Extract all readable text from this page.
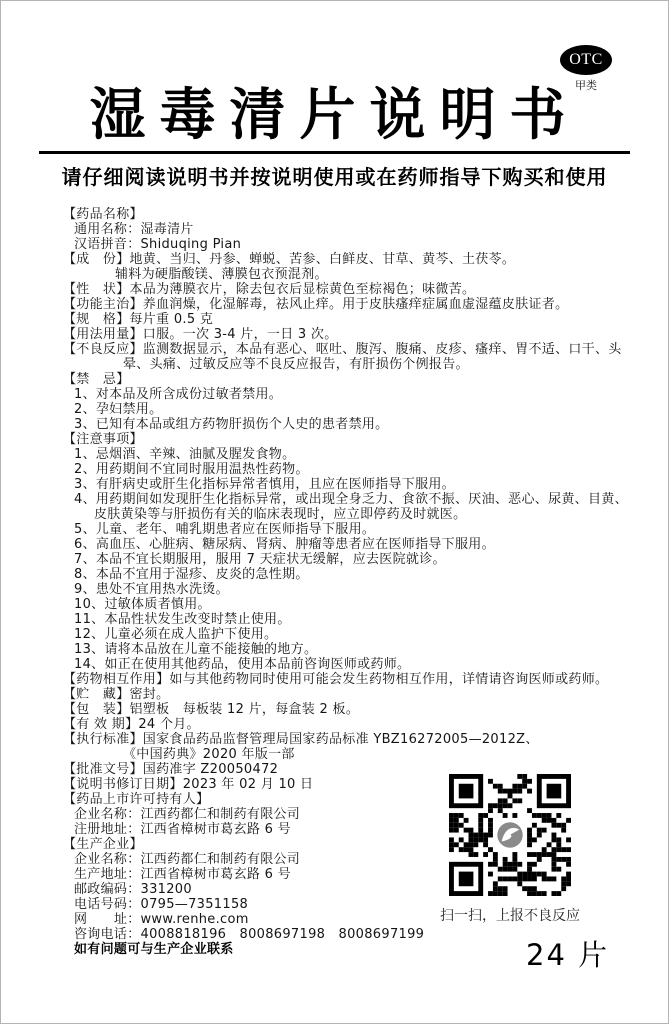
OTC
甲类
湿毒清片说明书
请仔细阅读说明书并按说明使用或在药师指导下购买和使用
【药品名称】
通用名称：湿毒清片
汉语拼音：Shiduqing Pian
【成　份】地黄、当归、丹参、蝉蜕、苦参、白鲜皮、甘草、黄芩、土茯苓。
辅料为硬脂酸镁、薄膜包衣预混剂。
【性　状】本品为薄膜衣片，除去包衣后显棕黄色至棕褐色；味微苦。
【功能主治】养血润燥，化湿解毒，祛风止痒。用于皮肤瘙痒症属血虚湿蕴皮肤证者。
【规　格】每片重 0.5 克
【用法用量】口服。一次 3-4 片，一日 3 次。
【不良反应】监测数据显示，本品有恶心、呕吐、腹泻、腹痛、皮疹、瘙痒、胃不适、口干、头
晕、头痛、过敏反应等不良反应报告，有肝损伤个例报告。
【禁　忌】
1、对本品及所含成份过敏者禁用。
2、孕妇禁用。
3、已知有本品或组方药物肝损伤个人史的患者禁用。
【注意事项】
1、忌烟酒、辛辣、油腻及腥发食物。
2、用药期间不宜同时服用温热性药物。
3、有肝病史或肝生化指标异常者慎用，且应在医师指导下服用。
4、用药期间如发现肝生化指标异常，或出现全身乏力、食欲不振、厌油、恶心、尿黄、目黄、
皮肤黄染等与肝损伤有关的临床表现时，应立即停药及时就医。
5、儿童、老年、哺乳期患者应在医师指导下服用。
6、高血压、心脏病、糖尿病、肾病、肿瘤等患者应在医师指导下服用。
7、本品不宜长期服用，服用 7 天症状无缓解，应去医院就诊。
8、本品不宜用于湿疹、皮炎的急性期。
9、患处不宜用热水洗烫。
10、过敏体质者慎用。
11、本品性状发生改变时禁止使用。
12、儿童必须在成人监护下使用。
13、请将本品放在儿童不能接触的地方。
14、如正在使用其他药品，使用本品前咨询医师或药师。
【药物相互作用】如与其他药物同时使用可能会发生药物相互作用，详情请咨询医师或药师。
【贮　藏】密封。
【包　装】铝塑板　每板装 12 片，每盒装 2 板。
【有 效 期】24 个月。
【执行标准】国家食品药品监督管理局国家药品标准 YBZ16272005—2012Z、
《中国药典》2020 年版一部
【批准文号】国药准字 Z20050472
【说明书修订日期】2023 年 02 月 10 日
【药品上市许可持有人】
企业名称：江西药都仁和制药有限公司
注册地址：江西省樟树市葛玄路 6 号
【生产企业】
企业名称：江西药都仁和制药有限公司
生产地址：江西省樟树市葛玄路 6 号
邮政编码：331200
电话号码：0795—7351158
网　　址：www.renhe.com
咨询电话：4008818196　8008697198　8008697199
如有问题可与生产企业联系
扫一扫，上报不良反应
24 片
